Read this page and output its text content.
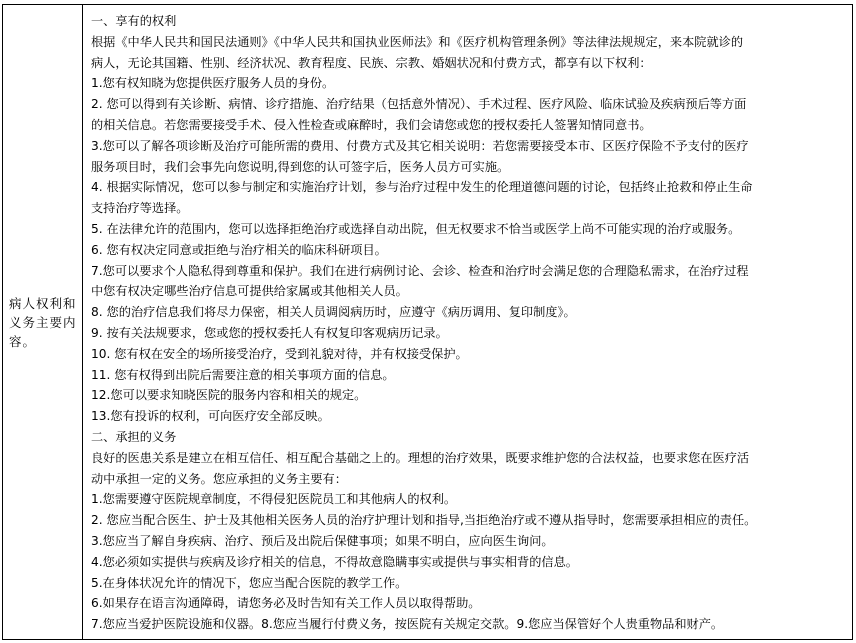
病人权利和义务主要内容。
一、享有的权利
根据《中华人民共和国民法通则》《中华人民共和国执业医师法》和《医疗机构管理条例》等法律法规规定，来本院就诊的
病人，无论其国籍、性别、经济状况、教育程度、民族、宗教、婚姻状况和付费方式，都享有以下权利：
1.您有权知晓为您提供医疗服务人员的身份。
2. 您可以得到有关诊断、病情、诊疗措施、治疗结果（包括意外情况）、手术过程、医疗风险、临床试验及疾病预后等方面
的相关信息。若您需要接受手术、侵入性检查或麻醉时，我们会请您或您的授权委托人签署知情同意书。
3.您可以了解各项诊断及治疗可能所需的费用、付费方式及其它相关说明：若您需要接受本市、区医疗保险不予支付的医疗
服务项目时，我们会事先向您说明,得到您的认可签字后，医务人员方可实施。
4. 根据实际情况，您可以参与制定和实施治疗计划，参与治疗过程中发生的伦理道德问题的讨论，包括终止抢救和停止生命
支持治疗等选择。
5. 在法律允许的范围内，您可以选择拒绝治疗或选择自动出院，但无权要求不恰当或医学上尚不可能实现的治疗或服务。
6. 您有权决定同意或拒绝与治疗相关的临床科研项目。
7.您可以要求个人隐私得到尊重和保护。我们在进行病例讨论、会诊、检查和治疗时会满足您的合理隐私需求，在治疗过程
中您有权决定哪些治疗信息可提供给家属或其他相关人员。
8. 您的治疗信息我们将尽力保密，相关人员调阅病历时，应遵守《病历调用、复印制度》。
9. 按有关法规要求，您或您的授权委托人有权复印客观病历记录。
10. 您有权在安全的场所接受治疗，受到礼貌对待，并有权接受保护。
11. 您有权得到出院后需要注意的相关事项方面的信息。
12.您可以要求知晓医院的服务内容和相关的规定。
13.您有投诉的权利，可向医疗安全部反映。
二、承担的义务
良好的医患关系是建立在相互信任、相互配合基础之上的。理想的治疗效果，既要求维护您的合法权益，也要求您在医疗活
动中承担一定的义务。您应承担的义务主要有：
1.您需要遵守医院规章制度，不得侵犯医院员工和其他病人的权利。
2. 您应当配合医生、护士及其他相关医务人员的治疗护理计划和指导,当拒绝治疗或不遵从指导时，您需要承担相应的责任。
3.您应当了解自身疾病、治疗、预后及出院后保健事项；如果不明白，应向医生询问。
4.您必须如实提供与疾病及诊疗相关的信息，不得故意隐瞒事实或提供与事实相背的信息。
5.在身体状况允许的情况下，您应当配合医院的教学工作。
6.如果存在语言沟通障碍，请您务必及时告知有关工作人员以取得帮助。
7.您应当爱护医院设施和仪器。8.您应当履行付费义务，按医院有关规定交款。9.您应当保管好个人贵重物品和财产。
